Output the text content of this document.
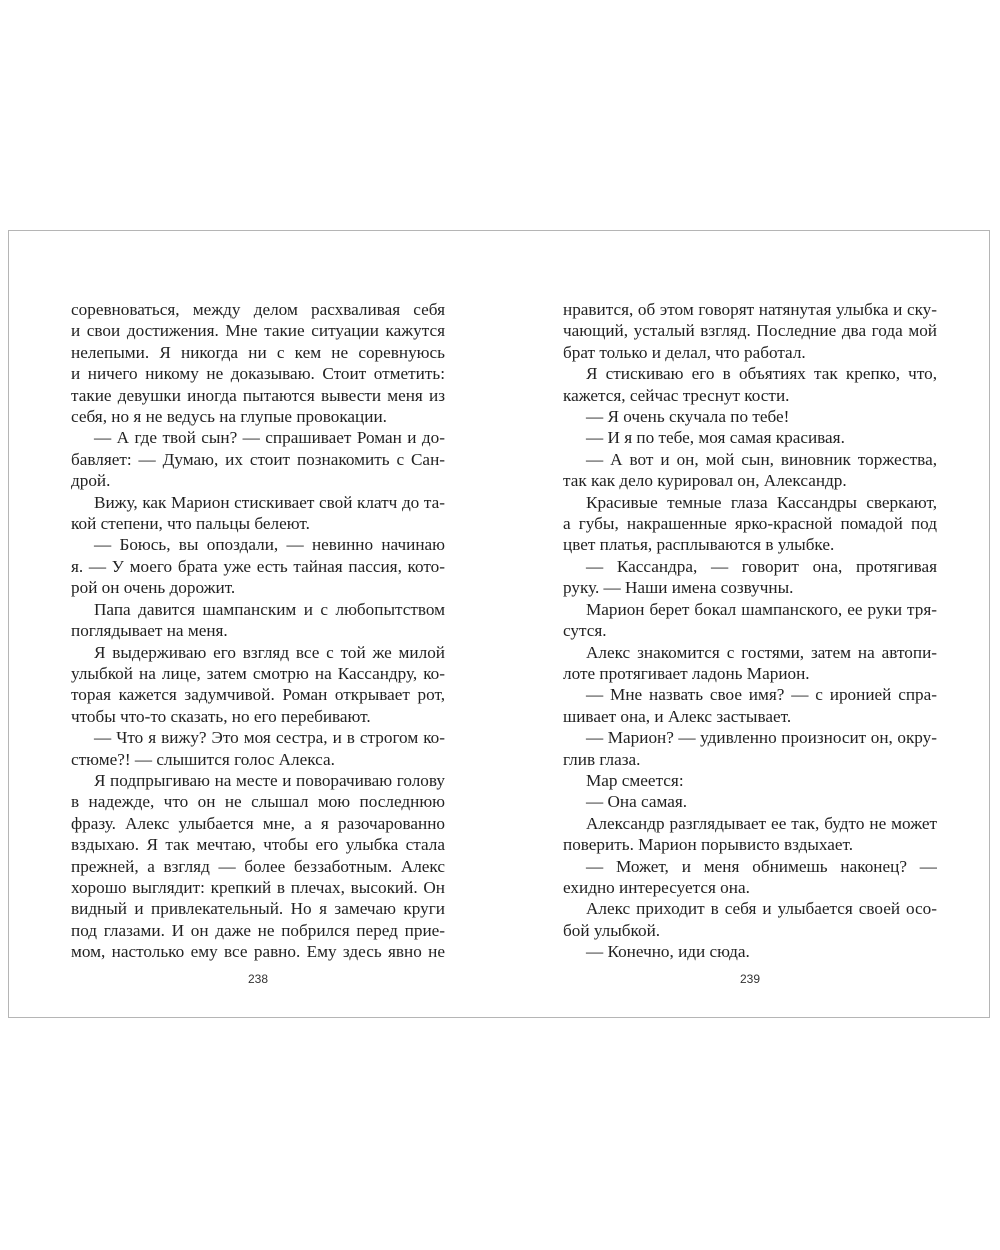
соревноваться, между делом расхваливая себя

и свои достижения. Мне такие ситуации кажутся

нелепыми. Я никогда ни с кем не соревнуюсь

и ничего никому не доказываю. Стоит отметить:

такие девушки иногда пытаются вывести меня из

себя, но я не ведусь на глупые провокации.

— А где твой сын? — спрашивает Роман и до-

бавляет: — Думаю, их стоит познакомить с Сан-

дрой.

Вижу, как Марион стискивает свой клатч до та-

кой степени, что пальцы белеют.

— Боюсь, вы опоздали, — невинно начинаю

я. — У моего брата уже есть тайная пассия, кото-

рой он очень дорожит.

Папа давится шампанским и с любопытством

поглядывает на меня.

Я выдерживаю его взгляд все с той же милой

улыбкой на лице, затем смотрю на Кассандру, ко-

торая кажется задумчивой. Роман открывает рот,

чтобы что-то сказать, но его перебивают.

— Что я вижу? Это моя сестра, и в строгом ко-

стюме?! — слышится голос Алекса.

Я подпрыгиваю на месте и поворачиваю голову

в надежде, что он не слышал мою последнюю

фразу. Алекс улыбается мне, а я разочарованно

вздыхаю. Я так мечтаю, чтобы его улыбка стала

прежней, а взгляд — более беззаботным. Алекс

хорошо выглядит: крепкий в плечах, высокий. Он

видный и привлекательный. Но я замечаю круги

под глазами. И он даже не побрился перед прие-

мом, настолько ему все равно. Ему здесь явно не

238

нравится, об этом говорят натянутая улыбка и ску-

чающий, усталый взгляд. Последние два года мой

брат только и делал, что работал.

Я стискиваю его в объятиях так крепко, что,

кажется, сейчас треснут кости.

— Я очень скучала по тебе!

— И я по тебе, моя самая красивая.

— А вот и он, мой сын, виновник торжества,

так как дело курировал он, Александр.

Красивые темные глаза Кассандры сверкают,

а губы, накрашенные ярко-красной помадой под

цвет платья, расплываются в улыбке.

— Кассандра, — говорит она, протягивая

руку. — Наши имена созвучны.

Марион берет бокал шампанского, ее руки тря-

сутся.

Алекс знакомится с гостями, затем на автопи-

лоте протягивает ладонь Марион.

— Мне назвать свое имя? — с иронией спра-

шивает она, и Алекс застывает.

— Марион? — удивленно произносит он, окру-

глив глаза.

Мар смеется:

— Она самая.

Александр разглядывает ее так, будто не может

поверить. Марион порывисто вздыхает.

— Может, и меня обнимешь наконец? —

ехидно интересуется она.

Алекс приходит в себя и улыбается своей осо-

бой улыбкой.

— Конечно, иди сюда.

239
